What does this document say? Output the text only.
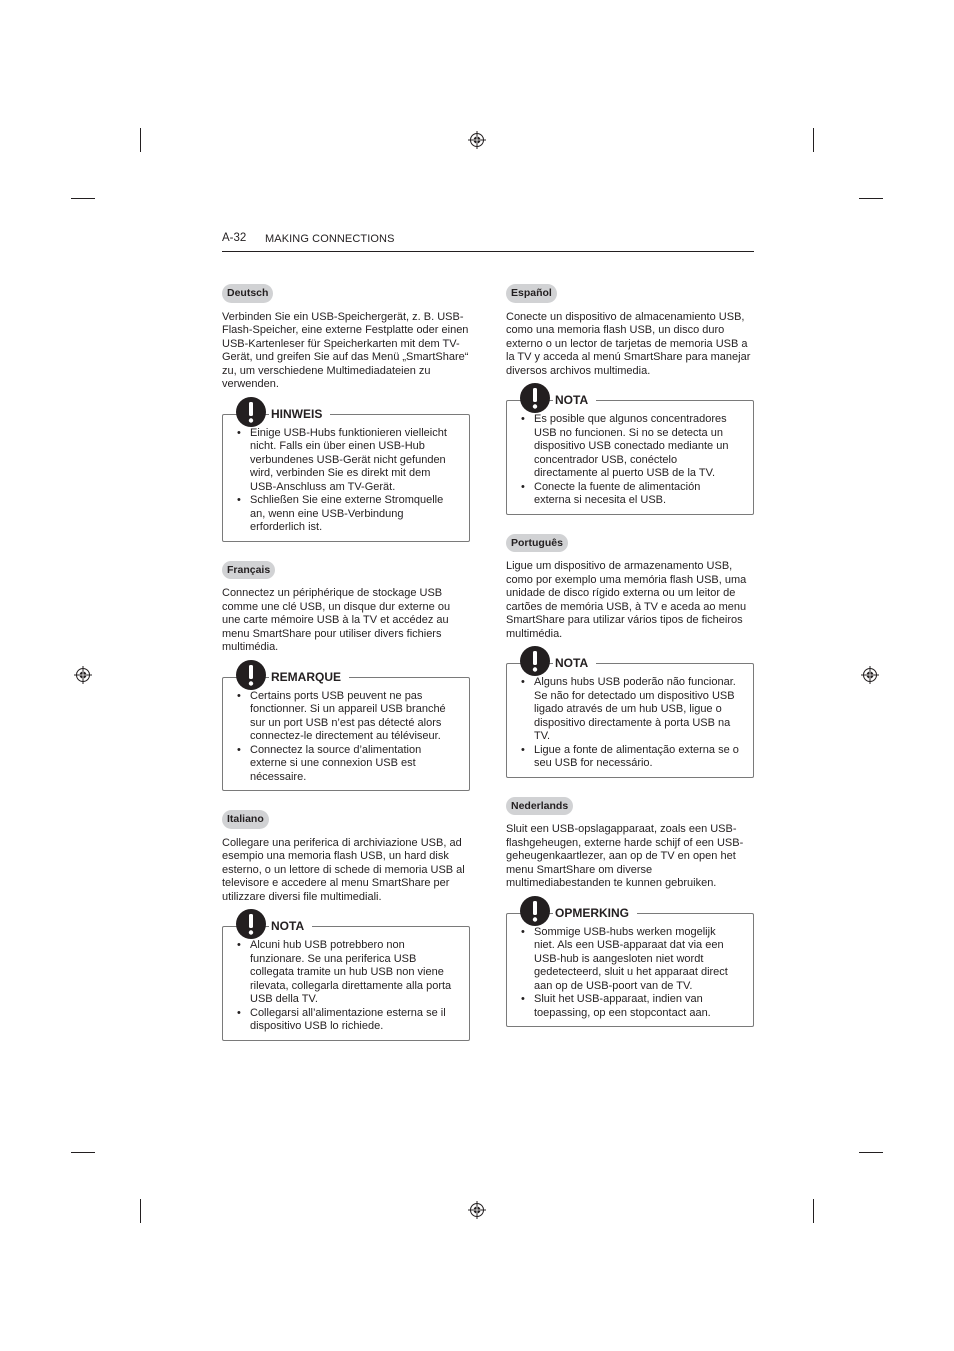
A-32 MAKING CONNECTIONS
Deutsch

Verbinden Sie ein USB-Speichergerät, z. B. USB-Flash-Speicher, eine externe Festplatte oder einen USB-Kartenleser für Speicherkarten mit dem TV-Gerät, und greifen Sie auf das Menü „SmartShare“ zu, um verschiedene Multimediadateien zu verwenden.

HINWEIS
• Einige USB-Hubs funktionieren vielleicht nicht. Falls ein über einen USB-Hub verbundenes USB-Gerät nicht gefunden wird, verbinden Sie es direkt mit dem USB-Anschluss am TV-Gerät.
• Schließen Sie eine externe Stromquelle an, wenn eine USB-Verbindung erforderlich ist.
Français

Connectez un périphérique de stockage USB comme une clé USB, un disque dur externe ou une carte mémoire USB à la TV et accédez au menu SmartShare pour utiliser divers fichiers multimédia.

REMARQUE
• Certains ports USB peuvent ne pas fonctionner. Si un appareil USB branché sur un port USB n’est pas détecté alors connectez-le directement au téléviseur.
• Connectez la source d’alimentation externe si une connexion USB est nécessaire.
Italiano

Collegare una periferica di archiviazione USB, ad esempio una memoria flash USB, un hard disk esterno, o un lettore di schede di memoria USB al televisore e accedere al menu SmartShare per utilizzare diversi file multimediali.

NOTA
• Alcuni hub USB potrebbero non funzionare. Se una periferica USB collegata tramite un hub USB non viene rilevata, collegarla direttamente alla porta USB della TV.
• Collegarsi all’alimentazione esterna se il dispositivo USB lo richiede.
Español

Conecte un dispositivo de almacenamiento USB, como una memoria flash USB, un disco duro externo o un lector de tarjetas de memoria USB a la TV y acceda al menú SmartShare para manejar diversos archivos multimedia.

NOTA
• Es posible que algunos concentradores USB no funcionen. Si no se detecta un dispositivo USB conectado mediante un concentrador USB, conéctelo directamente al puerto USB de la TV.
• Conecte la fuente de alimentación externa si necesita el USB.
Português

Ligue um dispositivo de armazenamento USB, como por exemplo uma memória flash USB, uma unidade de disco rígido externa ou um leitor de cartões de memória USB, à TV e aceda ao menu SmartShare para utilizar vários tipos de ficheiros multimédia.

NOTA
• Alguns hubs USB poderão não funcionar. Se não for detectado um dispositivo USB ligado através de um hub USB, ligue o dispositivo directamente à porta USB na TV.
• Ligue a fonte de alimentação externa se o seu USB for necessário.
Nederlands

Sluit een USB-opslagapparaat, zoals een USB-flashgeheugen, externe harde schijf of een USB-geheugenkaartlezer, aan op de TV en open het menu SmartShare om diverse multimediabestanden te kunnen gebruiken.

OPMERKING
• Sommige USB-hubs werken mogelijk niet. Als een USB-apparaat dat via een USB-hub is aangesloten niet wordt gedetecteerd, sluit u het apparaat direct aan op de USB-poort van de TV.
• Sluit het USB-apparaat, indien van toepassing, op een stopcontact aan.
